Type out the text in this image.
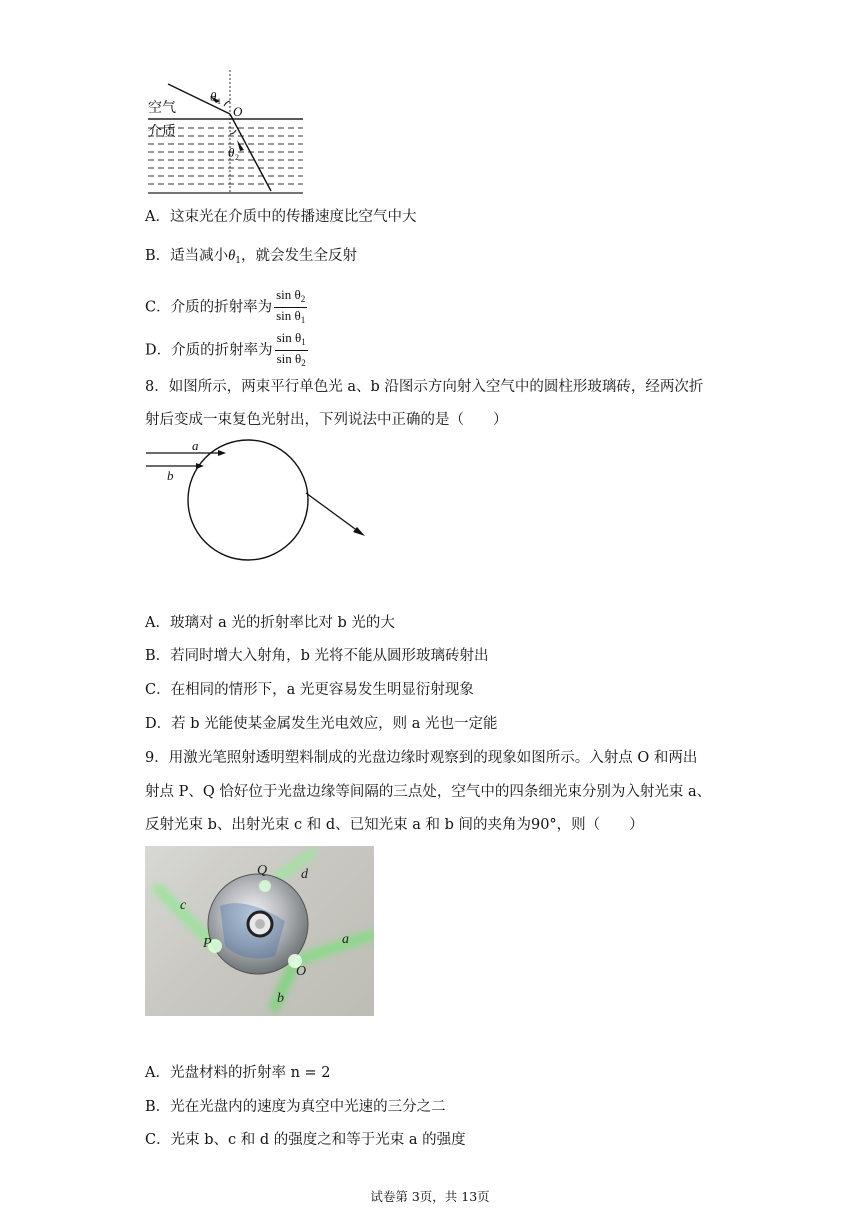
空气
介质
θ 1
O
θ 2
A．这束光在介质中的传播速度比空气中大
B．适当减小$\theta_1$，就会发生全反射
C．介质的折射率为 $\frac{\sin \theta_2}{\sin \theta_1}$
D．介质的折射率为 $\frac{\sin \theta_1}{\sin \theta_2}$
8．如图所示，两束平行单色光 a、b 沿图示方向射入空气中的圆柱形玻璃砖，经两次折
射后变成一束复色光射出，下列说法中正确的是（　　）
a
b
A．玻璃对 a 光的折射率比对 b 光的大
B．若同时增大入射角，b 光将不能从圆形玻璃砖射出
C．在相同的情形下，a 光更容易发生明显衍射现象
D．若 b 光能使某金属发生光电效应，则 a 光也一定能
9．用激光笔照射透明塑料制成的光盘边缘时观察到的现象如图所示。入射点 O 和两出
射点 P、Q 恰好位于光盘边缘等间隔的三点处，空气中的四条细光束分别为入射光束 a、
反射光束 b、出射光束 c 和 d、已知光束 a 和 b 间的夹角为90°，则（　　）
Q d
c
P	a
O
b
A．光盘材料的折射率 n = 2
B．光在光盘内的速度为真空中光速的三分之二
C．光束 b、c 和 d 的强度之和等于光束 a 的强度
试卷第 3页，共 13页
